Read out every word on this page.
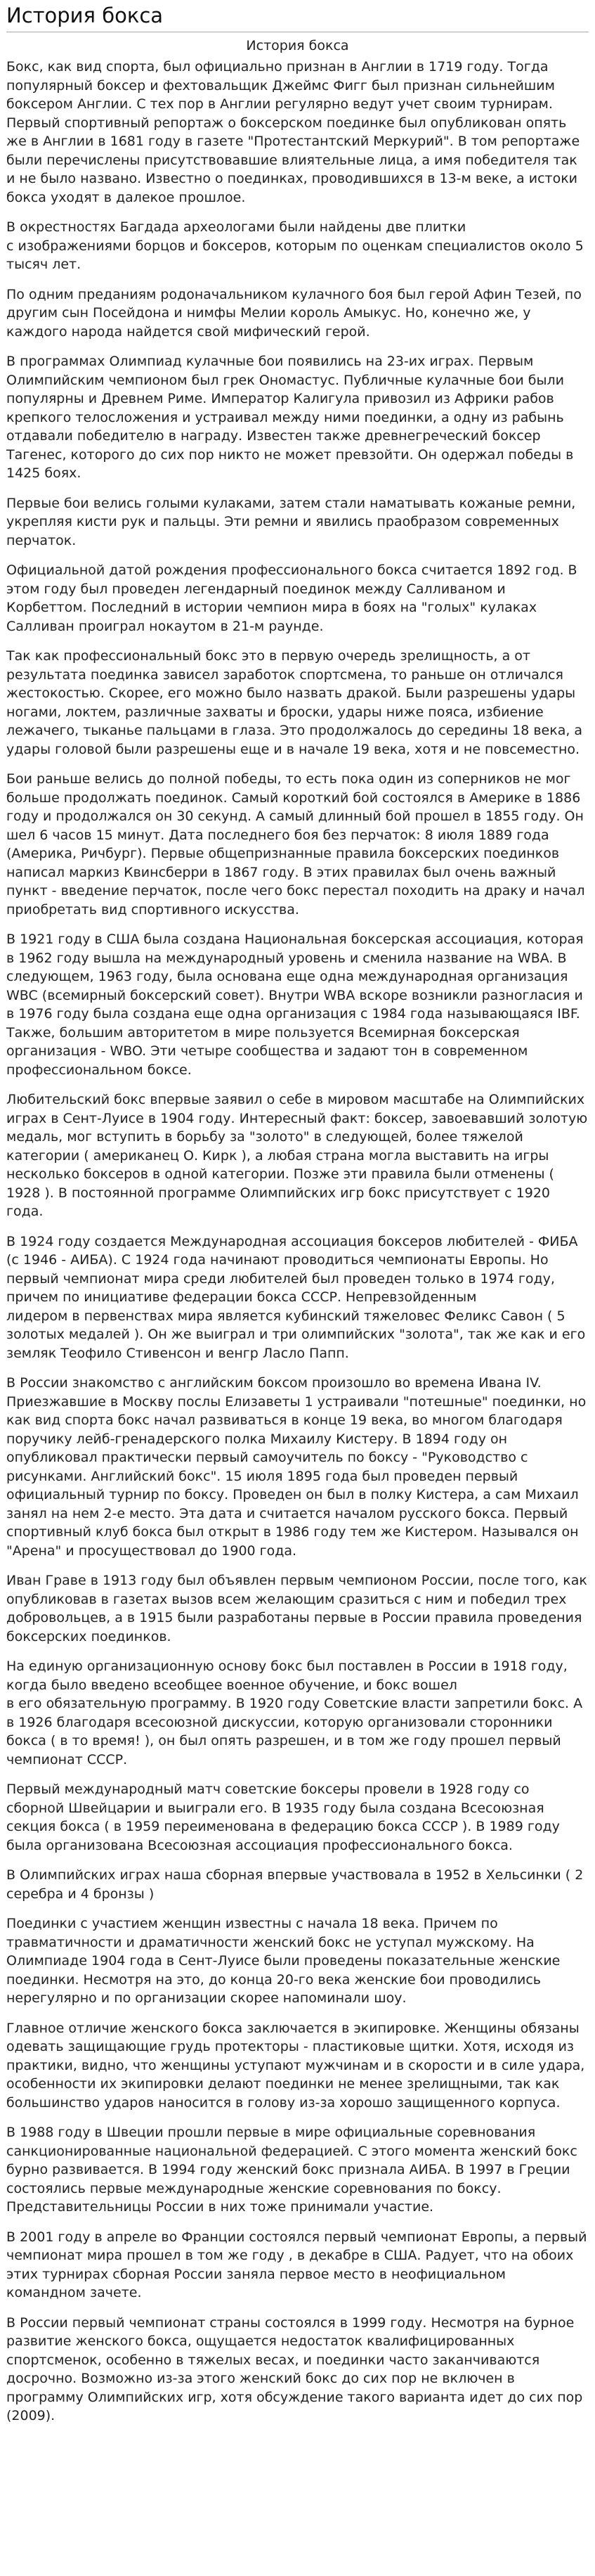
История бокса
История бокса

Бокс, как вид спорта, был официально признан в Англии в 1719 году. Тогда популярный боксер и фехтовальщик Джеймс Фигг был признан сильнейшим боксером Англии. С тех пор в Англии регулярно ведут учет своим турнирам. Первый спортивный репортаж о боксерском поединке был опубликован опять же в Англии в 1681 году в газете "Протестантский Меркурий". В том репортаже были перечислены присутствовавшие влиятельные лица, а имя победителя так и не было названо. Известно о поединках, проводившихся в 13-м веке, а истоки бокса уходят в далекое прошлое.

В окрестностях Багдада археологами были найдены две плитки
с изображениями борцов и боксеров, которым по оценкам специалистов около 5 тысяч лет.

По одним преданиям родоначальником кулачного боя был герой Афин Тезей, по другим сын Посейдона и нимфы Мелии король Амыкус. Но, конечно же, у каждого народа найдется свой мифический герой.

В программах Олимпиад кулачные бои появились на 23-их играх. Первым Олимпийским чемпионом был грек Ономастус. Публичные кулачные бои были популярны и Древнем Риме. Император Калигула привозил из Африки рабов крепкого телосложения и устраивал между ними поединки, а одну из рабынь отдавали победителю в награду. Известен также древнегреческий боксер Тагенес, которого до сих пор никто не может превзойти. Он одержал победы в 1425 боях.

Первые бои велись голыми кулаками, затем стали наматывать кожаные ремни, укрепляя кисти рук и пальцы. Эти ремни и явились праобразом современных перчаток.

Официальной датой рождения профессионального бокса считается 1892 год. В этом году был проведен легендарный поединок между Салливаном и Корбеттом. Последний в истории чемпион мира в боях на "голых" кулаках Салливан проиграл нокаутом в 21-м раунде.

Так как профессиональный бокс это в первую очередь зрелищность, а от результата поединка зависел заработок спортсмена, то раньше он отличался жестокостью. Скорее, его можно было назвать дракой. Были разрешены удары ногами, локтем, различные захваты и броски, удары ниже пояса, избиение лежачего, тыканье пальцами в глаза. Это продолжалось до середины 18 века, а удары головой были разрешены еще и в начале 19 века, хотя и не повсеместно.

Бои раньше велись до полной победы, то есть пока один из соперников не мог больше продолжать поединок. Самый короткий бой состоялся в Америке в 1886 году и продолжался он 30 секунд. А самый длинный бой прошел в 1855 году. Он шел 6 часов 15 минут. Дата последнего боя без перчаток: 8 июля 1889 года (Америка, Ричбург). Первые общепризнанные правила боксерских поединков написал маркиз Квинсберри в 1867 году. В этих правилах был очень важный пункт - введение перчаток, после чего бокс перестал походить на драку и начал приобретать вид спортивного искусства.

В 1921 году в США была создана Национальная боксерская ассоциация, которая в 1962 году вышла на международный уровень и сменила название на WBA. В следующем, 1963 году, была основана еще одна международная организация WBC (всемирный боксерский совет). Внутри WBA вскоре возникли разногласия и в 1976 году была создана еще одна организация с 1984 года называющаяся IBF. Также, большим авторитетом в мире пользуется Всемирная боксерская организация - WBO. Эти четыре сообщества и задают тон в современном профессиональном боксе.

Любительский бокс впервые заявил о себе в мировом масштабе на Олимпийских играх в Сент-Луисе в 1904 году. Интересный факт: боксер, завоевавший золотую медаль, мог вступить в борьбу за "золото" в следующей, более тяжелой категории ( американец О. Кирк ), а любая страна могла выставить на игры несколько боксеров в одной категории. Позже эти правила были отменены ( 1928 ). В постоянной программе Олимпийских игр бокс присутствует с 1920 года.

В 1924 году создается Международная ассоциация боксеров любителей - ФИБА (с 1946 - АИБА). С 1924 года начинают проводиться чемпионаты Европы. Но первый чемпионат мира среди любителей был проведен только в 1974 году, причем по инициативе федерации бокса СССР. Непревзойденным
лидером в первенствах мира является кубинский тяжеловес Феликс Савон ( 5 золотых медалей ). Он же выиграл и три олимпийских "золота", так же как и его земляк Теофило Стивенсон и венгр Ласло Папп.

В России знакомство с английским боксом произошло во времена Ивана IV. Приезжавшие в Москву послы Елизаветы 1 устраивали "потешные" поединки, но как вид спорта бокс начал развиваться в конце 19 века, во многом благодаря поручику лейб-гренадерского полка Михаилу Кистеру. В 1894 году он опубликовал практически первый самоучитель по боксу - "Руководство с рисунками. Английский бокс". 15 июля 1895 года был проведен первый официальный турнир по боксу. Проведен он был в полку Кистера, а сам Михаил занял на нем 2-е место. Эта дата и считается началом русского бокса. Первый спортивный клуб бокса был открыт в 1986 году тем же Кистером. Назывался он "Арена" и просуществовал до 1900 года.

Иван Граве в 1913 году был объявлен первым чемпионом России, после того, как опубликовав в газетах вызов всем желающим сразиться с ним и победил трех добровольцев, а в 1915 были разработаны первые в России правила проведения боксерских поединков.

На единую организационную основу бокс был поставлен в России в 1918 году, когда было введено всеобщее военное обучение, и бокс вошел
в его обязательную программу. В 1920 году Советские власти запретили бокс. А в 1926 благодаря всесоюзной дискуссии, которую организовали сторонники бокса ( в то время! ), он был опять разрешен, и в том же году прошел первый чемпионат СССР.

Первый международный матч советские боксеры провели в 1928 году со сборной Швейцарии и выиграли его. В 1935 году была создана Всесоюзная секция бокса ( в 1959 переименована в федерацию бокса СССР ). В 1989 году была организована Всесоюзная ассоциация профессионального бокса.

В Олимпийских играх наша сборная впервые участвовала в 1952 в Хельсинки ( 2 серебра и 4 бронзы )

Поединки с участием женщин известны с начала 18 века. Причем по травматичности и драматичности женский бокс не уступал мужскому. На Олимпиаде 1904 года в Сент-Луисе были проведены показательные женские поединки. Несмотря на это, до конца 20-го века женские бои проводились нерегулярно и по организации скорее напоминали шоу.

Главное отличие женского бокса заключается в экипировке. Женщины обязаны одевать защищающие грудь протекторы - пластиковые щитки. Хотя, исходя из практики, видно, что женщины уступают мужчинам и в скорости и в силе удара, особенности их экипировки делают поединки не менее зрелищными, так как большинство ударов наносится в голову из-за хорошо защищенного корпуса.

В 1988 году в Швеции прошли первые в мире официальные соревнования санкционированные национальной федерацией. С этого момента женский бокс бурно развивается. В 1994 году женский бокс признала АИБА. В 1997 в Греции состоялись первые международные женские соревнования по боксу. Представительницы России в них тоже принимали участие.

В 2001 году в апреле во Франции состоялся первый чемпионат Европы, а первый чемпионат мира прошел в том же году , в декабре в США. Радует, что на обоих этих турнирах сборная России заняла первое место в неофициальном командном зачете.

В России первый чемпионат страны состоялся в 1999 году. Несмотря на бурное развитие женского бокса, ощущается недостаток квалифицированных спортсменок, особенно в тяжелых весах, и поединки часто заканчиваются досрочно. Возможно из-за этого женский бокс до сих пор не включен в программу Олимпийских игр, хотя обсуждение такого варианта идет до сих пор (2009).
